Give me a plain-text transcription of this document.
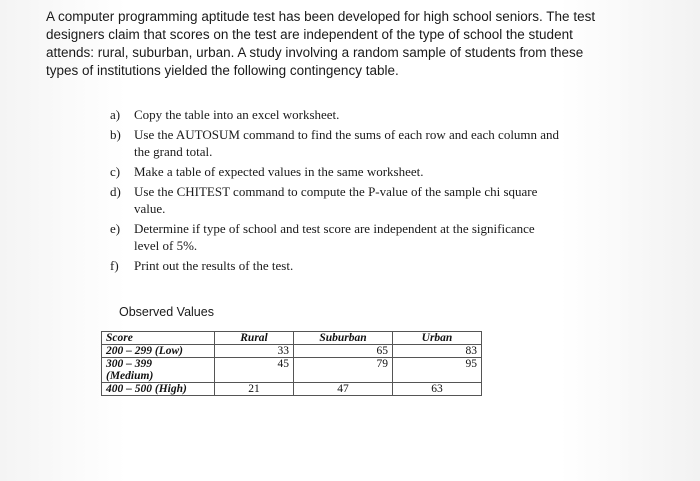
A computer programming aptitude test has been developed for high school seniors. The test
designers claim that scores on the test are independent of the type of school the student
attends: rural, suburban, urban. A study involving a random sample of students from these
types of institutions yielded the following contingency table.

a) Copy the table into an excel worksheet.
b) Use the AUTOSUM command to find the sums of each row and each column and
the grand total.
c) Make a table of expected values in the same worksheet.
d) Use the CHITEST command to compute the P-value of the sample chi square
value.
e) Determine if type of school and test score are independent at the significance
level of 5%.
f) Print out the results of the test.

Observed Values

Score	Rural	Suburban	Urban
200 – 299 (Low)	33	65	83

300 – 399
(Medium)	45	79	95
400 – 500 (High)	21	47	63
